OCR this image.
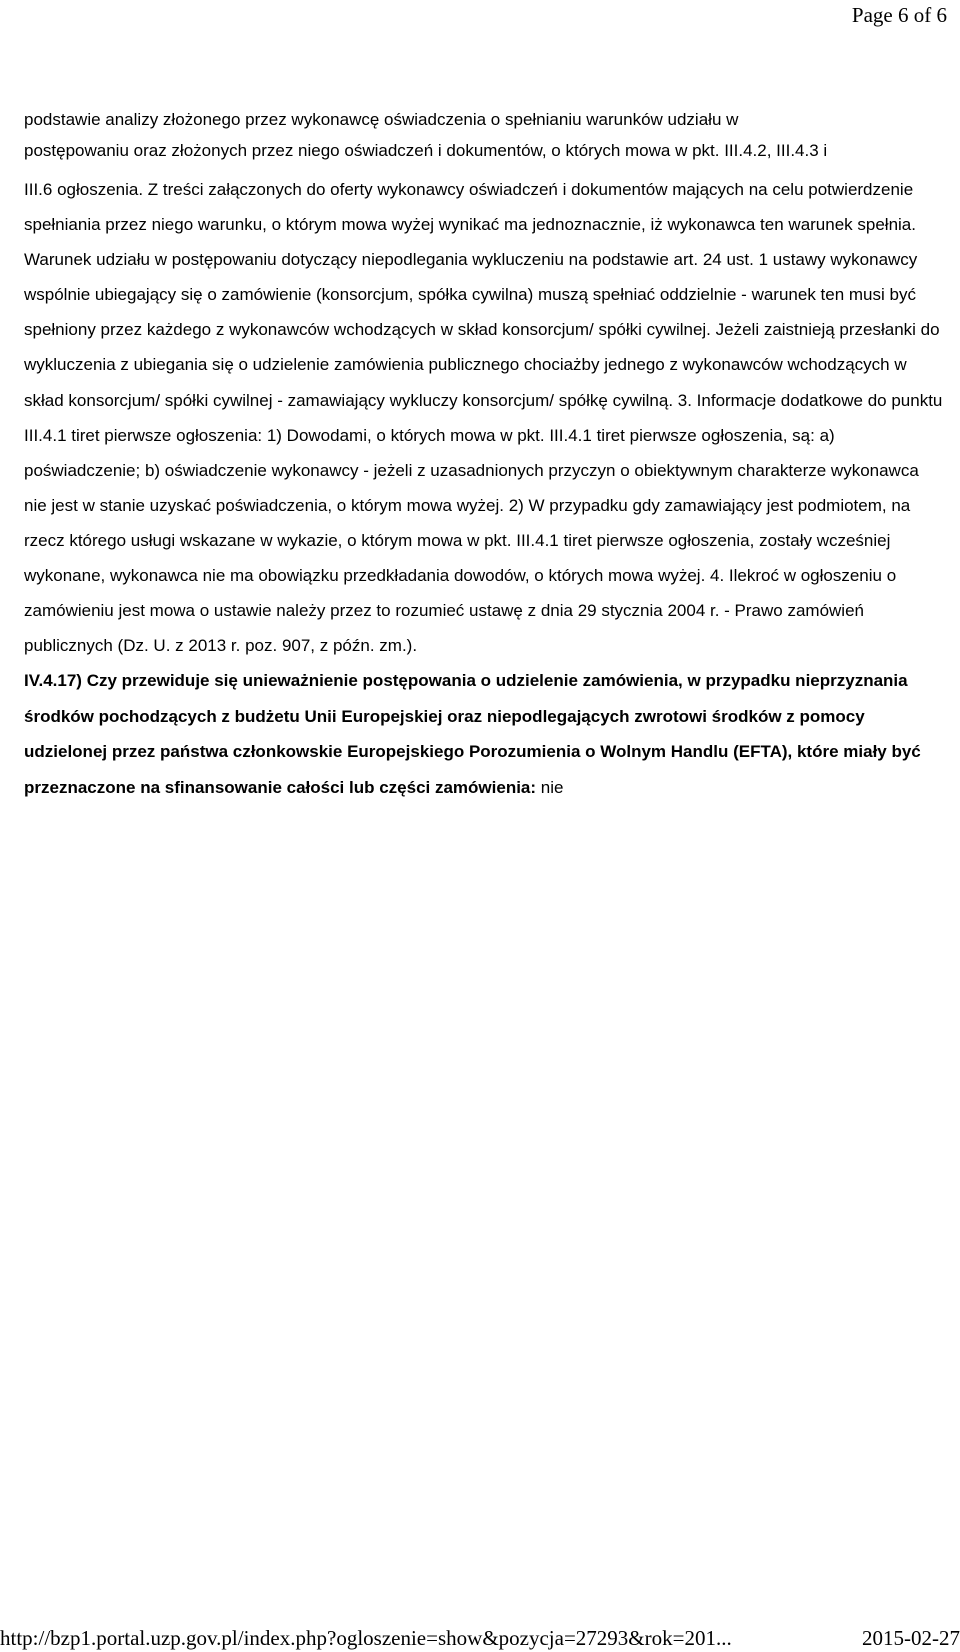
Page 6 of 6

podstawie analizy złożonego przez wykonawcę oświadczenia o spełnianiu warunków udziału w
postępowaniu oraz złożonych przez niego oświadczeń i dokumentów, o których mowa w pkt. III.4.2, III.4.3 i
III.6 ogłoszenia. Z treści załączonych do oferty wykonawcy oświadczeń i dokumentów mających na celu potwierdzenie spełniania przez niego warunku, o którym mowa wyżej wynikać ma jednoznacznie, iż wykonawca ten warunek spełnia. Warunek udziału w postępowaniu dotyczący niepodlegania wykluczeniu na podstawie art. 24 ust. 1 ustawy wykonawcy wspólnie ubiegający się o zamówienie (konsorcjum, spółka cywilna) muszą spełniać oddzielnie - warunek ten musi być spełniony przez każdego z wykonawców wchodzących w skład konsorcjum/ spółki cywilnej. Jeżeli zaistnieją przesłanki do wykluczenia z ubiegania się o udzielenie zamówienia publicznego chociażby jednego z wykonawców wchodzących w skład konsorcjum/ spółki cywilnej - zamawiający wykluczy konsorcjum/ spółkę cywilną. 3. Informacje dodatkowe do punktu III.4.1 tiret pierwsze ogłoszenia: 1) Dowodami, o których mowa w pkt. III.4.1 tiret pierwsze ogłoszenia, są: a) poświadczenie; b) oświadczenie wykonawcy - jeżeli z uzasadnionych przyczyn o obiektywnym charakterze wykonawca nie jest w stanie uzyskać poświadczenia, o którym mowa wyżej. 2) W przypadku gdy zamawiający jest podmiotem, na rzecz którego usługi wskazane w wykazie, o którym mowa w pkt. III.4.1 tiret pierwsze ogłoszenia, zostały wcześniej wykonane, wykonawca nie ma obowiązku przedkładania dowodów, o których mowa wyżej. 4. Ilekroć w ogłoszeniu o zamówieniu jest mowa o ustawie należy przez to rozumieć ustawę z dnia 29 stycznia 2004 r. - Prawo zamówień publicznych (Dz. U. z 2013 r. poz. 907, z późn. zm.).

IV.4.17) Czy przewiduje się unieważnienie postępowania o udzielenie zamówienia, w przypadku nieprzyznania środków pochodzących z budżetu Unii Europejskiej oraz niepodlegających zwrotowi środków z pomocy udzielonej przez państwa członkowskie Europejskiego Porozumienia o Wolnym Handlu (EFTA), które miały być przeznaczone na sfinansowanie całości lub części zamówienia: nie

http://bzp1.portal.uzp.gov.pl/index.php?ogloszenie=show&pozycja=27293&rok=201...	2015-02-27
